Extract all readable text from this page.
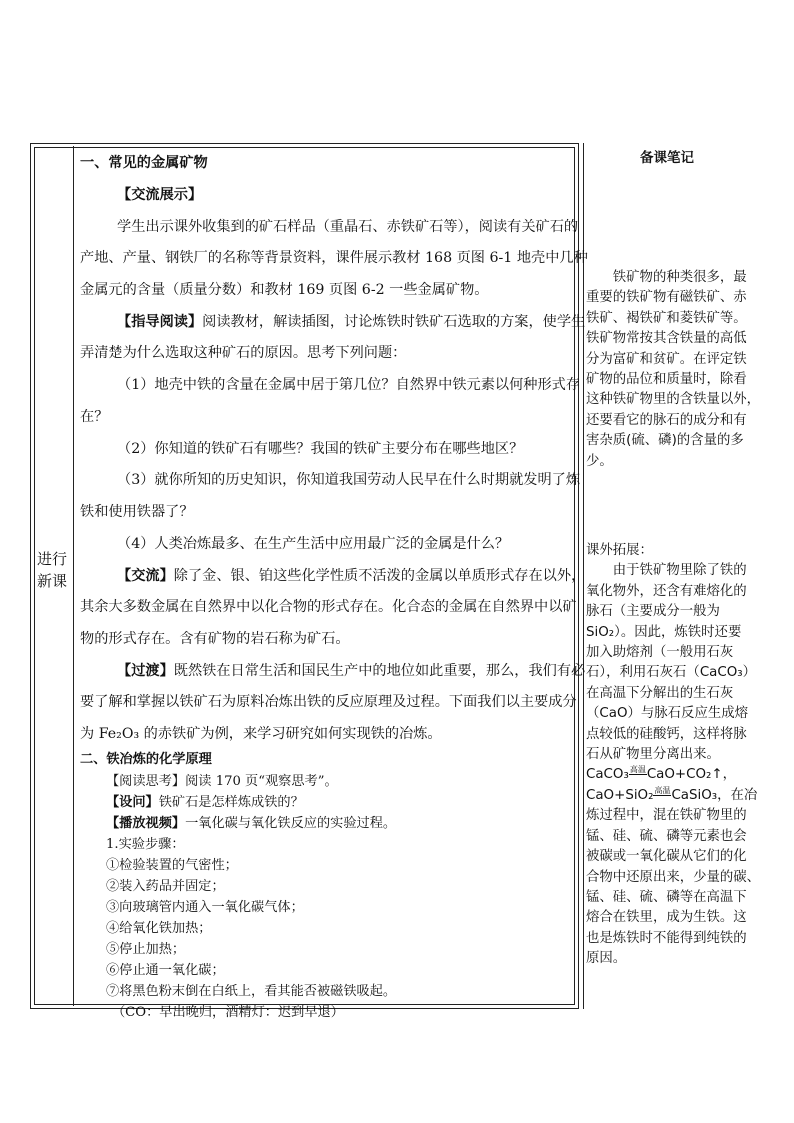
进行
新课
一、常见的金属矿物
【交流展示】
学生出示课外收集到的矿石样品（重晶石、赤铁矿石等），阅读有关矿石的
产地、产量、钢铁厂的名称等背景资料，课件展示教材 168 页图 6-1 地壳中几种
金属元的含量（质量分数）和教材 169 页图 6-2 一些金属矿物。
【指导阅读】阅读教材，解读插图，讨论炼铁时铁矿石选取的方案，使学生
弄清楚为什么选取这种矿石的原因。思考下列问题：
（1）地壳中铁的含量在金属中居于第几位？自然界中铁元素以何种形式存
在？
（2）你知道的铁矿石有哪些？我国的铁矿主要分布在哪些地区？
（3）就你所知的历史知识，你知道我国劳动人民早在什么时期就发明了炼
铁和使用铁器了？
（4）人类冶炼最多、在生产生活中应用最广泛的金属是什么？
【交流】除了金、银、铂这些化学性质不活泼的金属以单质形式存在以外，
其余大多数金属在自然界中以化合物的形式存在。化合态的金属在自然界中以矿
物的形式存在。含有矿物的岩石称为矿石。
【过渡】既然铁在日常生活和国民生产中的地位如此重要，那么，我们有必
要了解和掌握以铁矿石为原料冶炼出铁的反应原理及过程。下面我们以主要成分
为 Fe₂O₃ 的赤铁矿为例，来学习研究如何实现铁的冶炼。
二、铁冶炼的化学原理
【阅读思考】阅读 170 页“观察思考”。
【设问】铁矿石是怎样炼成铁的？
【播放视频】一氧化碳与氧化铁反应的实验过程。
1.实验步骤：
①检验装置的气密性；
②装入药品并固定；
③向玻璃管内通入一氧化碳气体；
④给氧化铁加热；
⑤停止加热；
⑥停止通一氧化碳；
⑦将黑色粉末倒在白纸上，看其能否被磁铁吸起。
（CO：早出晚归，酒精灯：迟到早退）
备课笔记

　　铁矿物的种类很多，最

重要的铁矿物有磁铁矿、赤

铁矿、褐铁矿和菱铁矿等。

铁矿物常按其含铁量的高低

分为富矿和贫矿。在评定铁

矿物的品位和质量时，除看

这种铁矿物里的含铁量以外，

还要看它的脉石的成分和有

害杂质(硫、磷)的含量的多

少。

课外拓展：

　　由于铁矿物里除了铁的

氧化物外，还含有难熔化的

脉石（主要成分一般为

SiO₂）。因此，炼铁时还要

加入助熔剂（一般用石灰

石），利用石灰石（CaCO₃）

在高温下分解出的生石灰

（CaO）与脉石反应生成熔

点较低的硅酸钙，这样将脉

石从矿物里分离出来。

CaCO₃高温CaO+CO₂↑，

CaO+SiO₂高温CaSiO₃，在冶

炼过程中，混在铁矿物里的

锰、硅、硫、磷等元素也会

被碳或一氧化碳从它们的化

合物中还原出来，少量的碳、

锰、硅、硫、磷等在高温下

熔合在铁里，成为生铁。这

也是炼铁时不能得到纯铁的

原因。
